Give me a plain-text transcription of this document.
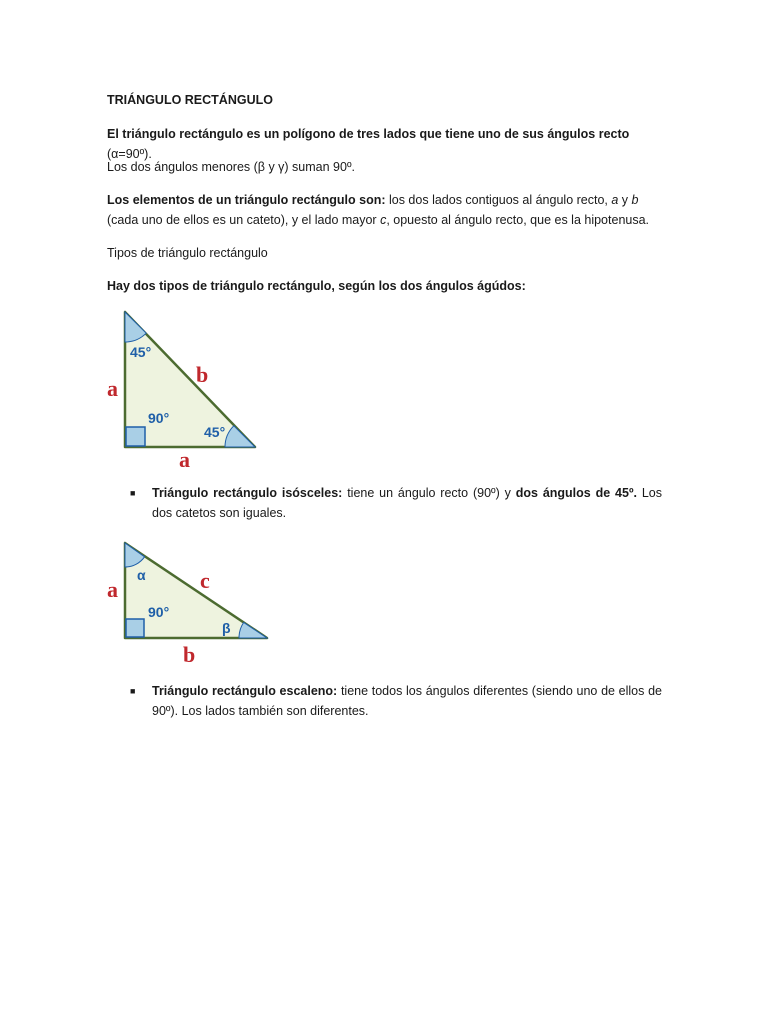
TRIÁNGULO RECTÁNGULO

El triángulo rectángulo es un polígono de tres lados que tiene uno de sus ángulos recto (α=90º).

Los dos ángulos menores (β y γ) suman 90º.

Los elementos de un triángulo rectángulo son: los dos lados contiguos al ángulo recto, a y b (cada uno de ellos es un cateto), y el lado mayor c, opuesto al ángulo recto, que es la hipotenusa.

Tipos de triángulo rectángulo

Hay dos tipos de triángulo rectángulo, según los dos ángulos ágúdos:

45°
90°
45°
a
b
a
■ Triángulo rectángulo isósceles: tiene un ángulo recto (90º) y dos ángulos de 45º. Los dos catetos son iguales.

α
90°
β
a	c
b
■ Triángulo rectángulo escaleno: tiene todos los ángulos diferentes (siendo uno de ellos de 90º). Los lados también son diferentes.
